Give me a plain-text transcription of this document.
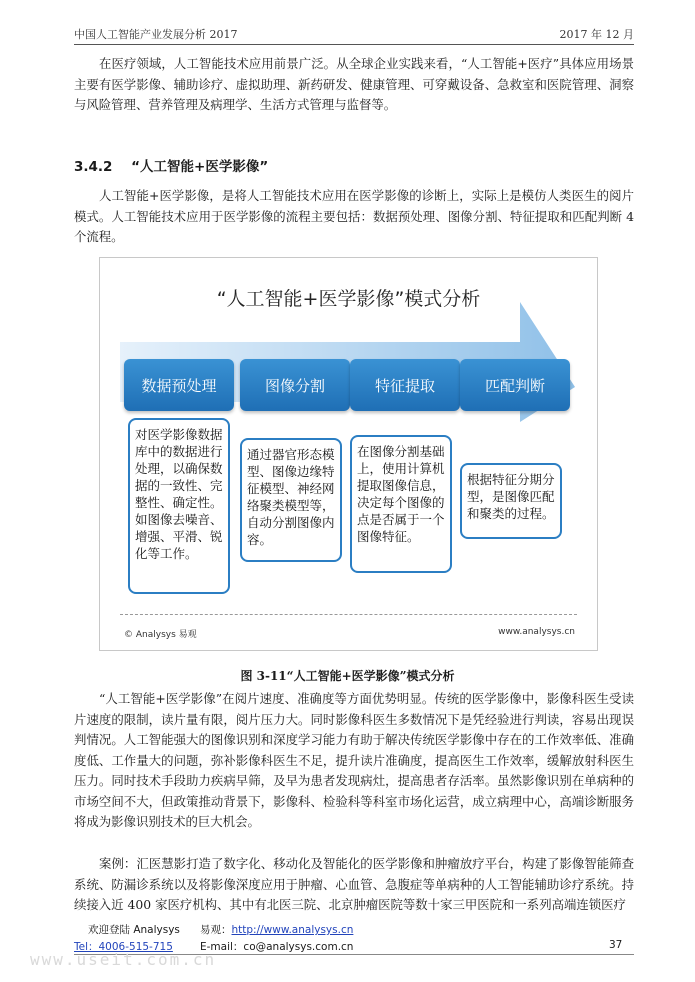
中国人工智能产业发展分析 2017	2017 年 12 月

在医疗领域，人工智能技术应用前景广泛。从全球企业实践来看，“人工智能+医疗”具体应用场景主要有医学影像、辅助诊疗、虚拟助理、新药研发、健康管理、可穿戴设备、急救室和医院管理、洞察与风险管理、营养管理及病理学、生活方式管理与监督等。

3.4.2 “人工智能+医学影像”

人工智能+医学影像，是将人工智能技术应用在医学影像的诊断上，实际上是模仿人类医生的阅片模式。人工智能技术应用于医学影像的流程主要包括：数据预处理、图像分割、特征提取和匹配判断 4 个流程。

“人工智能+医学影像”模式分析
数据预处理	图像分割	特征提取	匹配判断
对医学影像数据库中的数据进行处理，以确保数据的一致性、完整性、确定性。如图像去噪音、增强、平滑、锐化等工作。
通过器官形态模型、图像边缘特征模型、神经网络聚类模型等，自动分割图像内容。
在图像分割基础上，使用计算机提取图像信息，决定每个图像的点是否属于一个图像特征。
根据特征分期分型，是图像匹配和聚类的过程。
© Analysys 易观	www.analysys.cn
图 3-11“人工智能+医学影像”模式分析

“人工智能+医学影像”在阅片速度、准确度等方面优势明显。传统的医学影像中，影像科医生受读片速度的限制，读片量有限，阅片压力大。同时影像科医生多数情况下是凭经验进行判读，容易出现误判情况。人工智能强大的图像识别和深度学习能力有助于解决传统医学影像中存在的工作效率低、准确度低、工作量大的问题，弥补影像科医生不足，提升读片准确度，提高医生工作效率，缓解放射科医生压力。同时技术手段助力疾病早筛，及早为患者发现病灶，提高患者存活率。虽然影像识别在单病种的市场空间不大，但政策推动背景下，影像科、检验科等科室市场化运营，成立病理中心，高端诊断服务将成为影像识别技术的巨大机会。

案例：汇医慧影打造了数字化、移动化及智能化的医学影像和肿瘤放疗平台，构建了影像智能筛查系统、防漏诊系统以及将影像深度应用于肿瘤、心血管、急腹症等单病种的人工智能辅助诊疗系统。持续接入近 400 家医疗机构、其中有北医三院、北京肿瘤医院等数十家三甲医院和一系列高端连锁医疗

欢迎登陆 Analysys 易观：http://www.analysys.cn
Tel：4006-515-715	E-mail：co@analysys.com.cn	37
www.useit.com.cn
